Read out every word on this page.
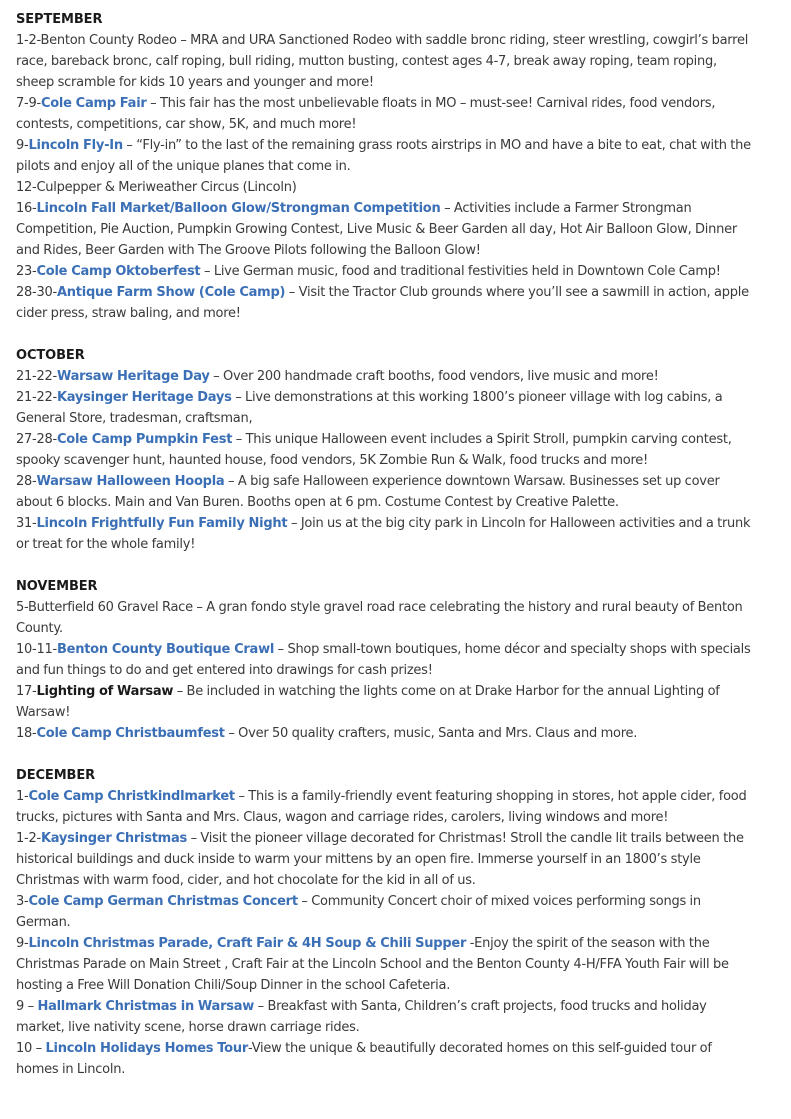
SEPTEMBER

1-2-Benton County Rodeo – MRA and URA Sanctioned Rodeo with saddle bronc riding, steer wrestling, cowgirl’s barrel race, bareback bronc, calf roping, bull riding, mutton busting, contest ages 4-7, break away roping, team roping, sheep scramble for kids 10 years and younger and more!

7-9-Cole Camp Fair – This fair has the most unbelievable floats in MO – must-see! Carnival rides, food vendors, contests, competitions, car show, 5K, and much more!

9-Lincoln Fly-In – “Fly-in” to the last of the remaining grass roots airstrips in MO and have a bite to eat, chat with the pilots and enjoy all of the unique planes that come in.

12-Culpepper & Meriweather Circus (Lincoln)

16-Lincoln Fall Market/Balloon Glow/Strongman Competition – Activities include a Farmer Strongman Competition, Pie Auction, Pumpkin Growing Contest, Live Music & Beer Garden all day, Hot Air Balloon Glow, Dinner and Rides, Beer Garden with The Groove Pilots following the Balloon Glow!

23-Cole Camp Oktoberfest – Live German music, food and traditional festivities held in Downtown Cole Camp!

28-30-Antique Farm Show (Cole Camp) – Visit the Tractor Club grounds where you’ll see a sawmill in action, apple cider press, straw baling, and more!

OCTOBER

21-22-Warsaw Heritage Day – Over 200 handmade craft booths, food vendors, live music and more!

21-22-Kaysinger Heritage Days – Live demonstrations at this working 1800’s pioneer village with log cabins, a General Store, tradesman, craftsman,

27-28-Cole Camp Pumpkin Fest – This unique Halloween event includes a Spirit Stroll, pumpkin carving contest, spooky scavenger hunt, haunted house, food vendors, 5K Zombie Run & Walk, food trucks and more!

28-Warsaw Halloween Hoopla – A big safe Halloween experience downtown Warsaw. Businesses set up cover about 6 blocks. Main and Van Buren. Booths open at 6 pm. Costume Contest by Creative Palette.

31-Lincoln Frightfully Fun Family Night – Join us at the big city park in Lincoln for Halloween activities and a trunk or treat for the whole family!

NOVEMBER

5-Butterfield 60 Gravel Race – A gran fondo style gravel road race celebrating the history and rural beauty of Benton County.

10-11-Benton County Boutique Crawl – Shop small-town boutiques, home décor and specialty shops with specials and fun things to do and get entered into drawings for cash prizes!

17-Lighting of Warsaw – Be included in watching the lights come on at Drake Harbor for the annual Lighting of Warsaw!

18-Cole Camp Christbaumfest – Over 50 quality crafters, music, Santa and Mrs. Claus and more.

DECEMBER

1-Cole Camp Christkindlmarket – This is a family-friendly event featuring shopping in stores, hot apple cider, food trucks, pictures with Santa and Mrs. Claus, wagon and carriage rides, carolers, living windows and more!

1-2-Kaysinger Christmas – Visit the pioneer village decorated for Christmas! Stroll the candle lit trails between the historical buildings and duck inside to warm your mittens by an open fire. Immerse yourself in an 1800’s style Christmas with warm food, cider, and hot chocolate for the kid in all of us.

3-Cole Camp German Christmas Concert – Community Concert choir of mixed voices performing songs in German.

9-Lincoln Christmas Parade, Craft Fair & 4H Soup & Chili Supper -Enjoy the spirit of the season with the Christmas Parade on Main Street , Craft Fair at the Lincoln School and the Benton County 4-H/FFA Youth Fair will be hosting a Free Will Donation Chili/Soup Dinner in the school Cafeteria.

9 – Hallmark Christmas in Warsaw – Breakfast with Santa, Children’s craft projects, food trucks and holiday market, live nativity scene, horse drawn carriage rides.

10 – Lincoln Holidays Homes Tour-View the unique & beautifully decorated homes on this self-guided tour of homes in Lincoln.
